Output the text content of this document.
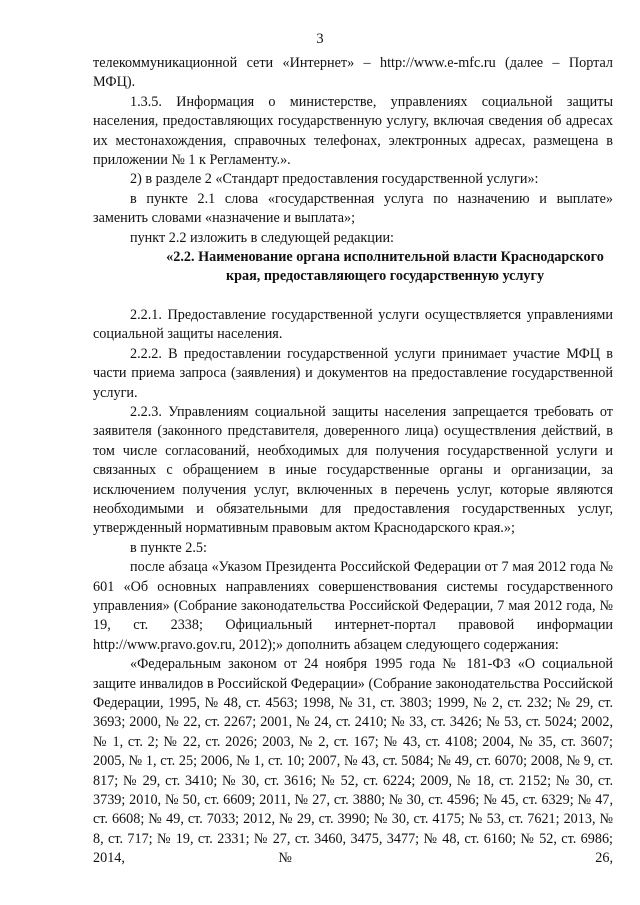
3

телекоммуникационной сети «Интернет» – http://www.e-mfc.ru (далее – Портал МФЦ).

1.3.5. Информация о министерстве, управлениях социальной защиты населения, предоставляющих государственную услугу, включая сведения об адресах их местонахождения, справочных телефонах, электронных адресах, размещена в приложении № 1 к Регламенту.».

2) в разделе 2 «Стандарт предоставления государственной услуги»:

в пункте 2.1 слова «государственная услуга по назначению и выплате» заменить словами «назначение и выплата»;

пункт 2.2 изложить в следующей редакции:

«2.2. Наименование органа исполнительной власти Краснодарского края, предоставляющего государственную услугу

2.2.1. Предоставление государственной услуги осуществляется управлениями социальной защиты населения.

2.2.2. В предоставлении государственной услуги принимает участие МФЦ в части приема запроса (заявления) и документов на предоставление государственной услуги.

2.2.3. Управлениям социальной защиты населения запрещается требовать от заявителя (законного представителя, доверенного лица) осуществления действий, в том числе согласований, необходимых для получения государственной услуги и связанных с обращением в иные государственные органы и организации, за исключением получения услуг, включенных в перечень услуг, которые являются необходимыми и обязательными для предоставления государственных услуг, утвержденный нормативным правовым актом Краснодарского края.»;

в пункте 2.5:

после абзаца «Указом Президента Российской Федерации от 7 мая 2012 года № 601 «Об основных направлениях совершенствования системы государственного управления» (Собрание законодательства Российской Федерации, 7 мая 2012 года, № 19, ст. 2338; Официальный интернет-портал правовой информации http://www.pravo.gov.ru, 2012);» дополнить абзацем следующего содержания:

«Федеральным законом от 24 ноября 1995 года № 181-ФЗ «О социальной защите инвалидов в Российской Федерации» (Собрание законодательства Российской Федерации, 1995, № 48, ст. 4563; 1998, № 31, ст. 3803; 1999, № 2, ст. 232; № 29, ст. 3693; 2000, № 22, ст. 2267; 2001, № 24, ст. 2410; № 33, ст. 3426; № 53, ст. 5024; 2002, № 1, ст. 2; № 22, ст. 2026; 2003, № 2, ст. 167; № 43, ст. 4108; 2004, № 35, ст. 3607; 2005, № 1, ст. 25; 2006, № 1, ст. 10; 2007, № 43, ст. 5084; № 49, ст. 6070; 2008, № 9, ст. 817; № 29, ст. 3410; № 30, ст. 3616; № 52, ст. 6224; 2009, № 18, ст. 2152; № 30, ст. 3739; 2010, № 50, ст. 6609; 2011, № 27, ст. 3880; № 30, ст. 4596; № 45, ст. 6329; № 47, ст. 6608; № 49, ст. 7033; 2012, № 29, ст. 3990; № 30, ст. 4175; № 53, ст. 7621; 2013, № 8, ст. 717; № 19, ст. 2331; № 27, ст. 3460, 3475, 3477; № 48, ст. 6160; № 52, ст. 6986; 2014, № 26,
